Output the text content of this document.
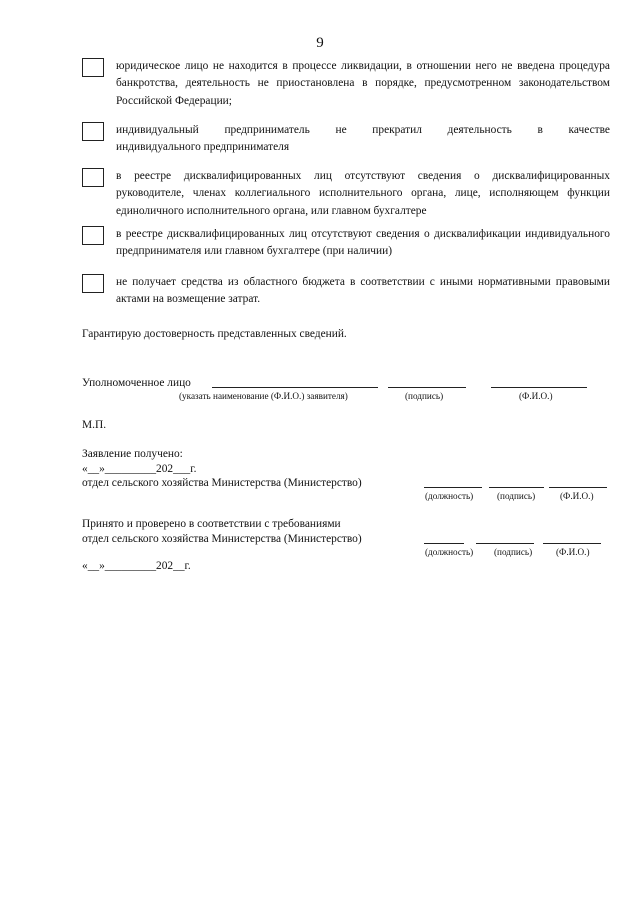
9
юридическое лицо не находится в процессе ликвидации, в отношении него не введена процедура банкротства, деятельность не приостановлена в порядке, предусмотренном законодательством Российской Федерации;
индивидуальный предприниматель не прекратил деятельность в качестве
индивидуального предпринимателя
в реестре дисквалифицированных лиц отсутствуют сведения о дисквалифицированных руководителе, членах коллегиального исполнительного органа, лице, исполняющем функции единоличного исполнительного органа, или главном бухгалтере
в реестре дисквалифицированных лиц отсутствуют сведения о дисквалификации индивидуального предпринимателя или главном бухгалтере (при наличии)
не получает средства из областного бюджета в соответствии с иными нормативными правовыми актами на возмещение затрат.
Гарантирую достоверность представленных сведений.
Уполномоченное лицо
(указать наименование (Ф.И.О.) заявителя)	(подпись)	(Ф.И.О.)
М.П.
Заявление получено:
«__»_________202___г.
отдел сельского хозяйства Министерства (Министерство)
(должность)	(подпись)	(Ф.И.О.)
Принято и проверено в соответствии с требованиями
отдел сельского хозяйства Министерства (Министерство)
(должность) (подпись)	(Ф.И.О.)
«__»_________202__г.
